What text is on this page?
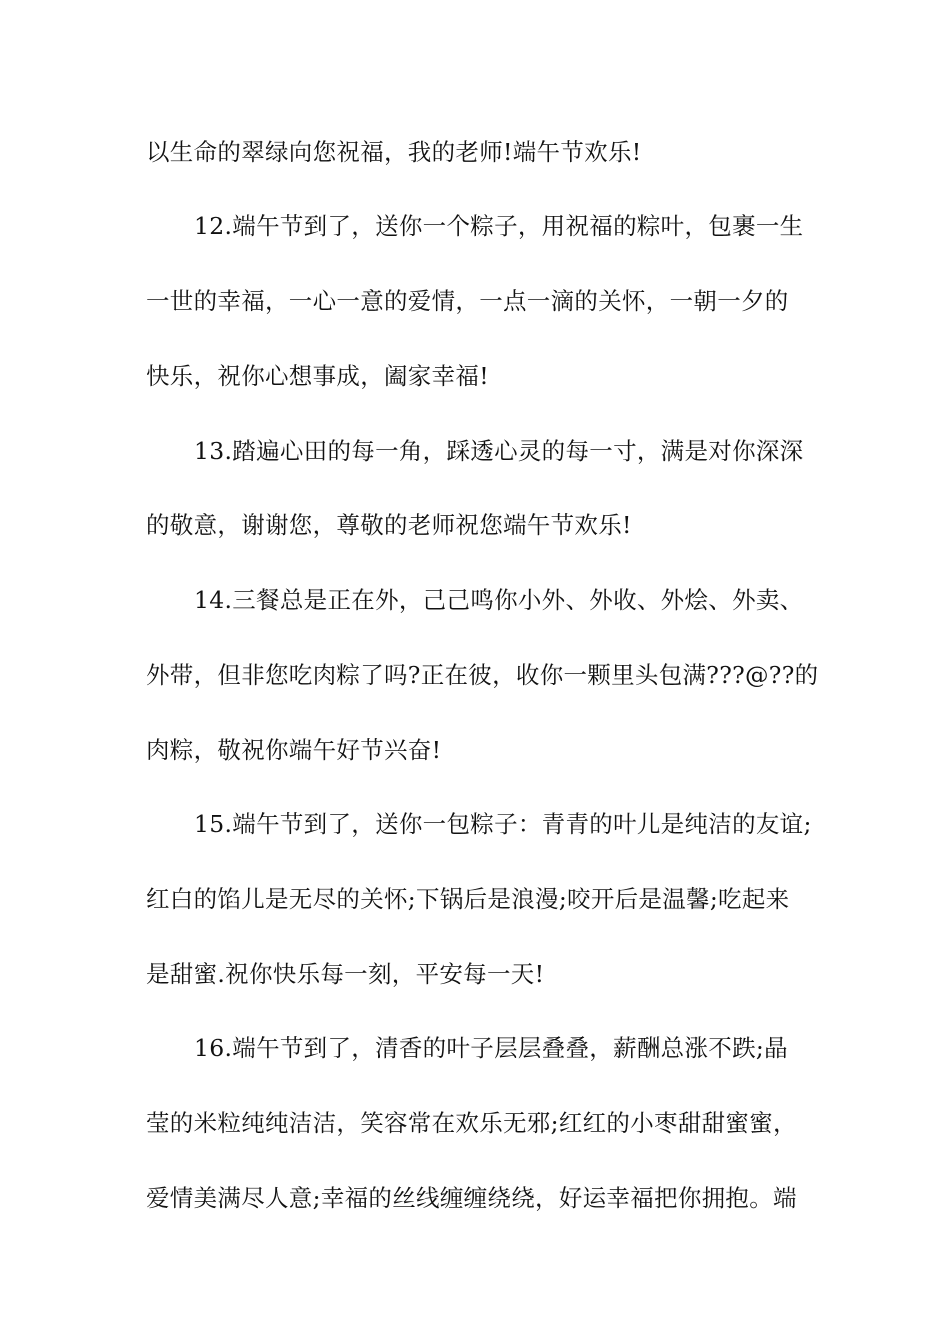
以生命的翠绿向您祝福，我的老师!端午节欢乐!
12.端午节到了，送你一个粽子，用祝福的粽叶，包裹一生
一世的幸福，一心一意的爱情，一点一滴的关怀，一朝一夕的
快乐，祝你心想事成，阖家幸福!
13.踏遍心田的每一角，踩透心灵的每一寸，满是对你深深
的敬意，谢谢您，尊敬的老师祝您端午节欢乐!
14.三餐总是正在外，己己鸣你小外、外收、外烩、外卖、
外带，但非您吃肉粽了吗?正在彼，收你一颗里头包满???@??的
肉粽，敬祝你端午好节兴奋!
15.端午节到了，送你一包粽子：青青的叶儿是纯洁的友谊;
红白的馅儿是无尽的关怀;下锅后是浪漫;咬开后是温馨;吃起来
是甜蜜.祝你快乐每一刻，平安每一天!
16.端午节到了，清香的叶子层层叠叠，薪酬总涨不跌;晶
莹的米粒纯纯洁洁，笑容常在欢乐无邪;红红的小枣甜甜蜜蜜，
爱情美满尽人意;幸福的丝线缠缠绕绕，好运幸福把你拥抱。端
